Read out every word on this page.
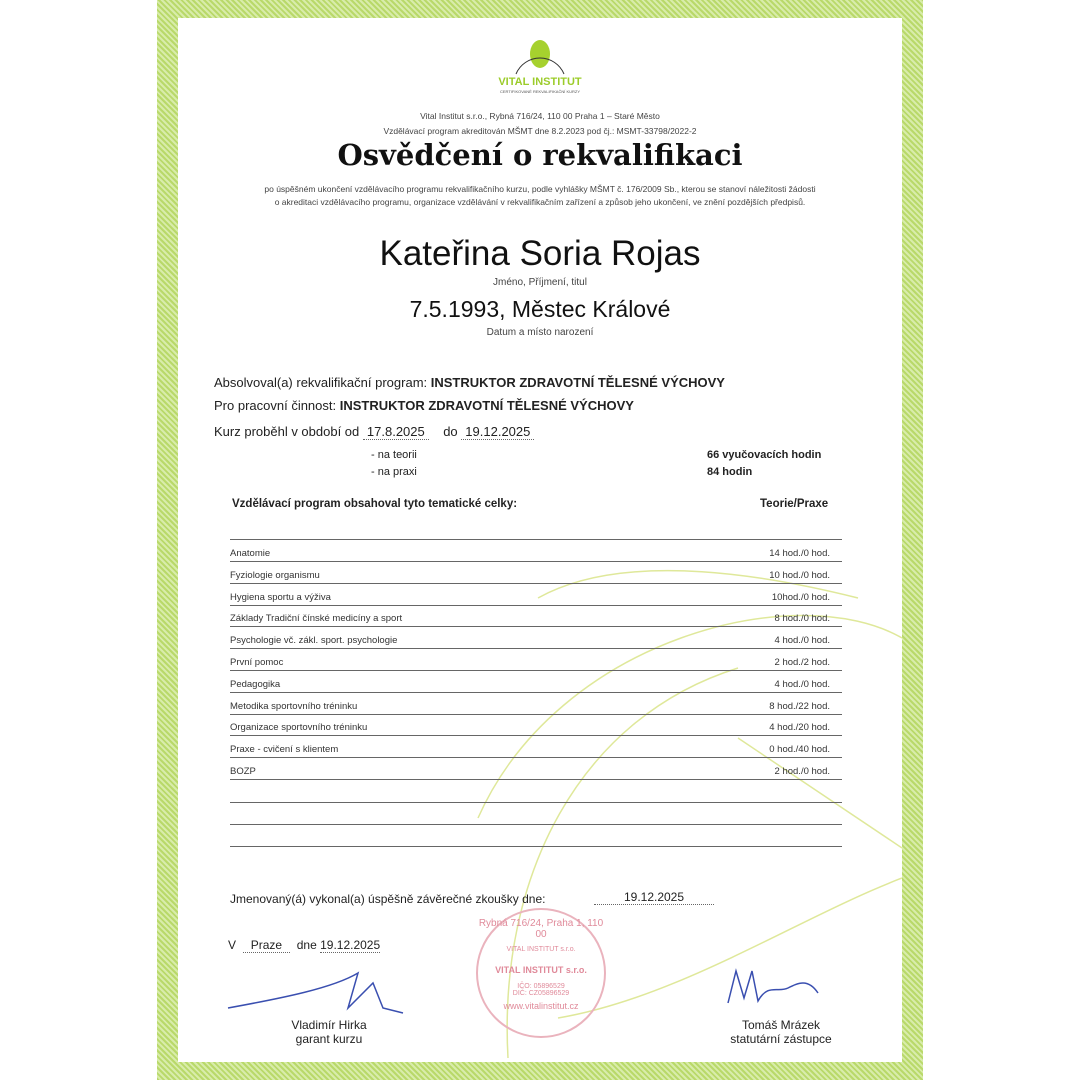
VITAL INSTITUT
CERTIFIKOVANÉ REKVALIFIKAČNÍ KURZY
Vital Institut s.r.o., Rybná 716/24, 110 00 Praha 1 – Staré Město
Vzdělávací program akreditován MŠMT dne 8.2.2023 pod čj.: MSMT-33798/2022-2
Osvědčení o rekvalifikaci
po úspěšném ukončení vzdělávacího programu rekvalifikačního kurzu, podle vyhlášky MŠMT č. 176/2009 Sb., kterou se stanoví náležitosti žádosti
o akreditaci vzdělávacího programu, organizace vzdělávání v rekvalifikačním zařízení a způsob jeho ukončení, ve znění pozdějších předpisů.
Kateřina Soria Rojas
Jméno, Příjmení, titul
7.5.1993, Městec Králové
Datum a místo narození
Absolvoval(a) rekvalifikační program: INSTRUKTOR ZDRAVOTNÍ TĚLESNÉ VÝCHOVY
Pro pracovní činnost: INSTRUKTOR ZDRAVOTNÍ TĚLESNÉ VÝCHOVY
Kurz proběhl v období od 17.8.2025 do 19.12.2025
- na teorii	66 vyučovacích hodin
- na praxi	84 hodin
Vzdělávací program obsahoval tyto tematické celky:	Teorie/Praxe
Anatomie	14 hod./0 hod.
Fyziologie organismu	10 hod./0 hod.
Hygiena sportu a výživa	10hod./0 hod.
Základy Tradiční čínské medicíny a sport	8 hod./0 hod.
Psychologie vč. zákl. sport. psychologie	4 hod./0 hod.
První pomoc	2 hod./2 hod.
Pedagogika	4 hod./0 hod.
Metodika sportovního tréninku	8 hod./22 hod.
Organizace sportovního tréninku	4 hod./20 hod.
Praxe - cvičení s klientem	0 hod./40 hod.
BOZP	2 hod./0 hod.
Jmenovaný(á) vykonal(a) úspěšně závěrečné zkoušky dne:	19.12.2025
V Praze dne 19.12.2025
Rybná 716/24, Praha 1, 110 00
VITAL INSTITUT s.r.o.
VITAL INSTITUT s.r.o.
IČO: 05896529
DIČ: CZ05896529
www.vitalinstitut.cz
Vladimír Hirka
garant kurzu
Tomáš Mrázek
statutární zástupce
